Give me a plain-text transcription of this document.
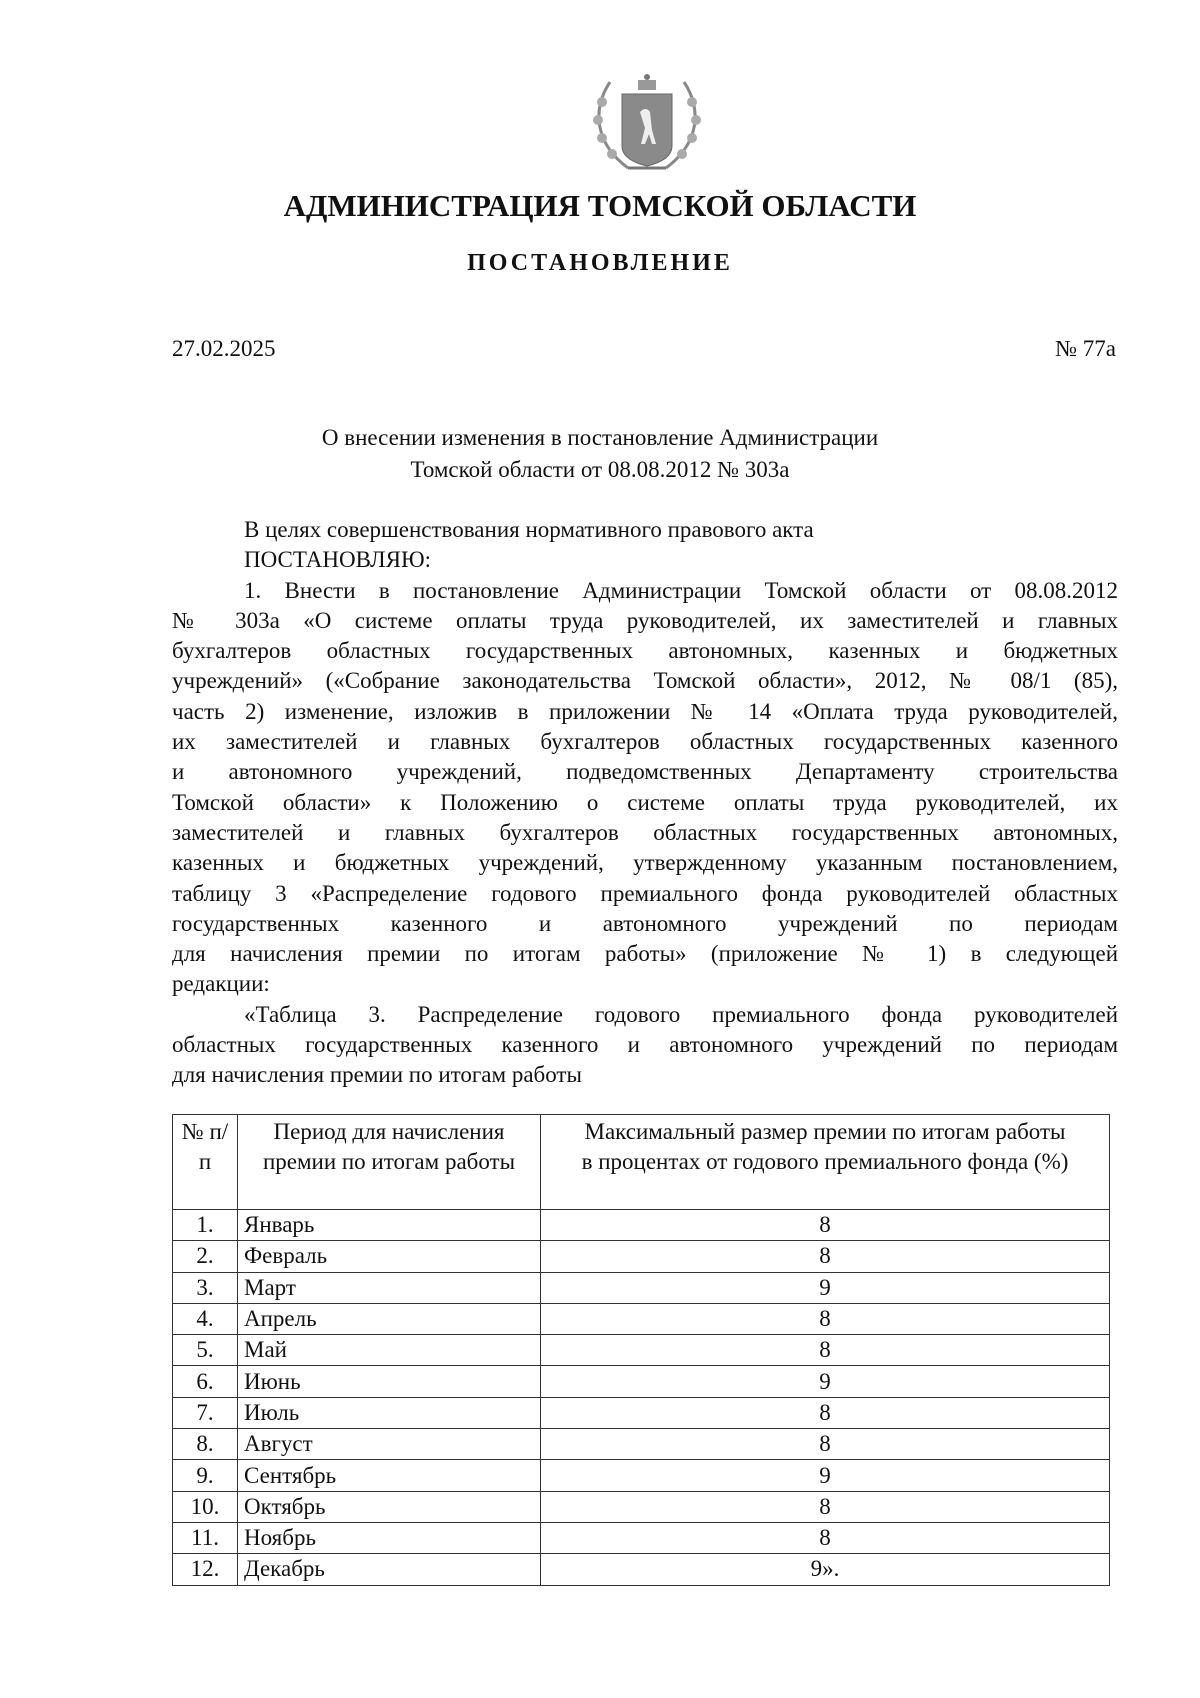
АДМИНИСТРАЦИЯ ТОМСКОЙ ОБЛАСТИ
ПОСТАНОВЛЕНИЕ
27.02.2025	№ 77а
О внесении изменения в постановление Администрации
Томской области от 08.08.2012 № 303а
В целях совершенствования нормативного правового акта
ПОСТАНОВЛЯЮ:
1. Внести в постановление Администрации Томской области от 08.08.2012
№ 303а «О системе оплаты труда руководителей, их заместителей и главных
бухгалтеров областных государственных автономных, казенных и бюджетных
учреждений» («Собрание законодательства Томской области», 2012, № 08/1 (85),
часть 2) изменение, изложив в приложении № 14 «Оплата труда руководителей,
их заместителей и главных бухгалтеров областных государственных казенного
и автономного учреждений, подведомственных Департаменту строительства
Томской области» к Положению о системе оплаты труда руководителей, их
заместителей и главных бухгалтеров областных государственных автономных,
казенных и бюджетных учреждений, утвержденному указанным постановлением,
таблицу 3 «Распределение годового премиального фонда руководителей областных
государственных казенного и автономного учреждений по периодам
для начисления премии по итогам работы» (приложение № 1) в следующей
редакции:
«Таблица 3. Распределение годового премиального фонда руководителей
областных государственных казенного и автономного учреждений по периодам
для начисления премии по итогам работы
№ п/п	Период для начисления премии по итогам работы	Максимальный размер премии по итогам работы в процентах от годового премиального фонда (%)
1.	Январь	8
2.	Февраль	8
3.	Март	9
4.	Апрель	8
5.	Май	8
6.	Июнь	9
7.	Июль	8
8.	Август	8
9.	Сентябрь	9
10.	Октябрь	8
11.	Ноябрь	8
12.	Декабрь	9».
